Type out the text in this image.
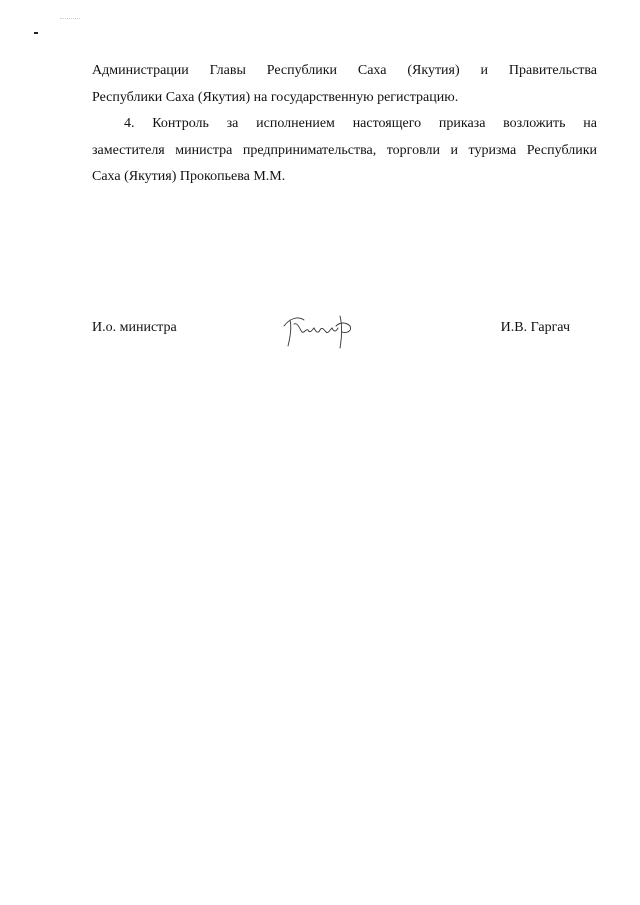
Администрации Главы Республики Саха (Якутия) и Правительства
Республики Саха (Якутия) на государственную регистрацию.
4. Контроль за исполнением настоящего приказа возложить на
заместителя министра предпринимательства, торговли и туризма Республики
Саха (Якутия) Прокопьева М.М.
И.о. министра	И.В. Гаргач
